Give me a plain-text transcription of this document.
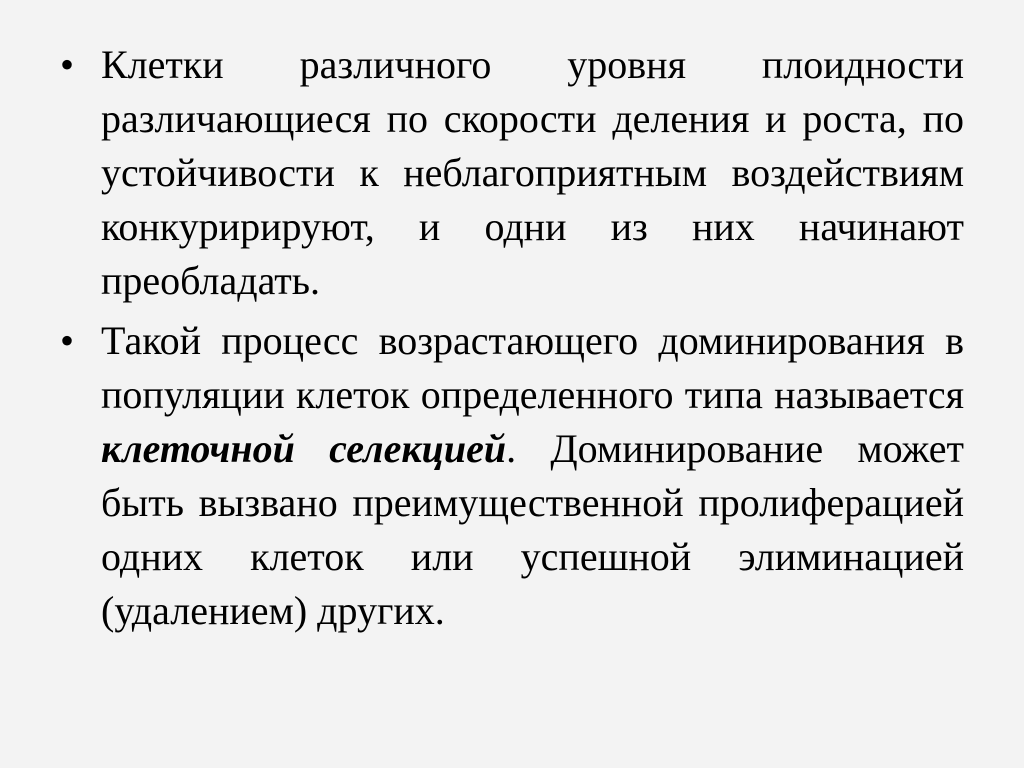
• Клетки различного уровня плоидности различающиеся по скорости деления и роста, по устойчивости к неблагоприятным воздействиям конкуририруют, и одни из них начинают преобладать.
• Такой процесс возрастающего доминирования в популяции клеток определенного типа называется клеточной селекцией. Доминирование может быть вызвано преимущественной пролиферацией одних клеток или успешной элиминацией (удалением) других.
